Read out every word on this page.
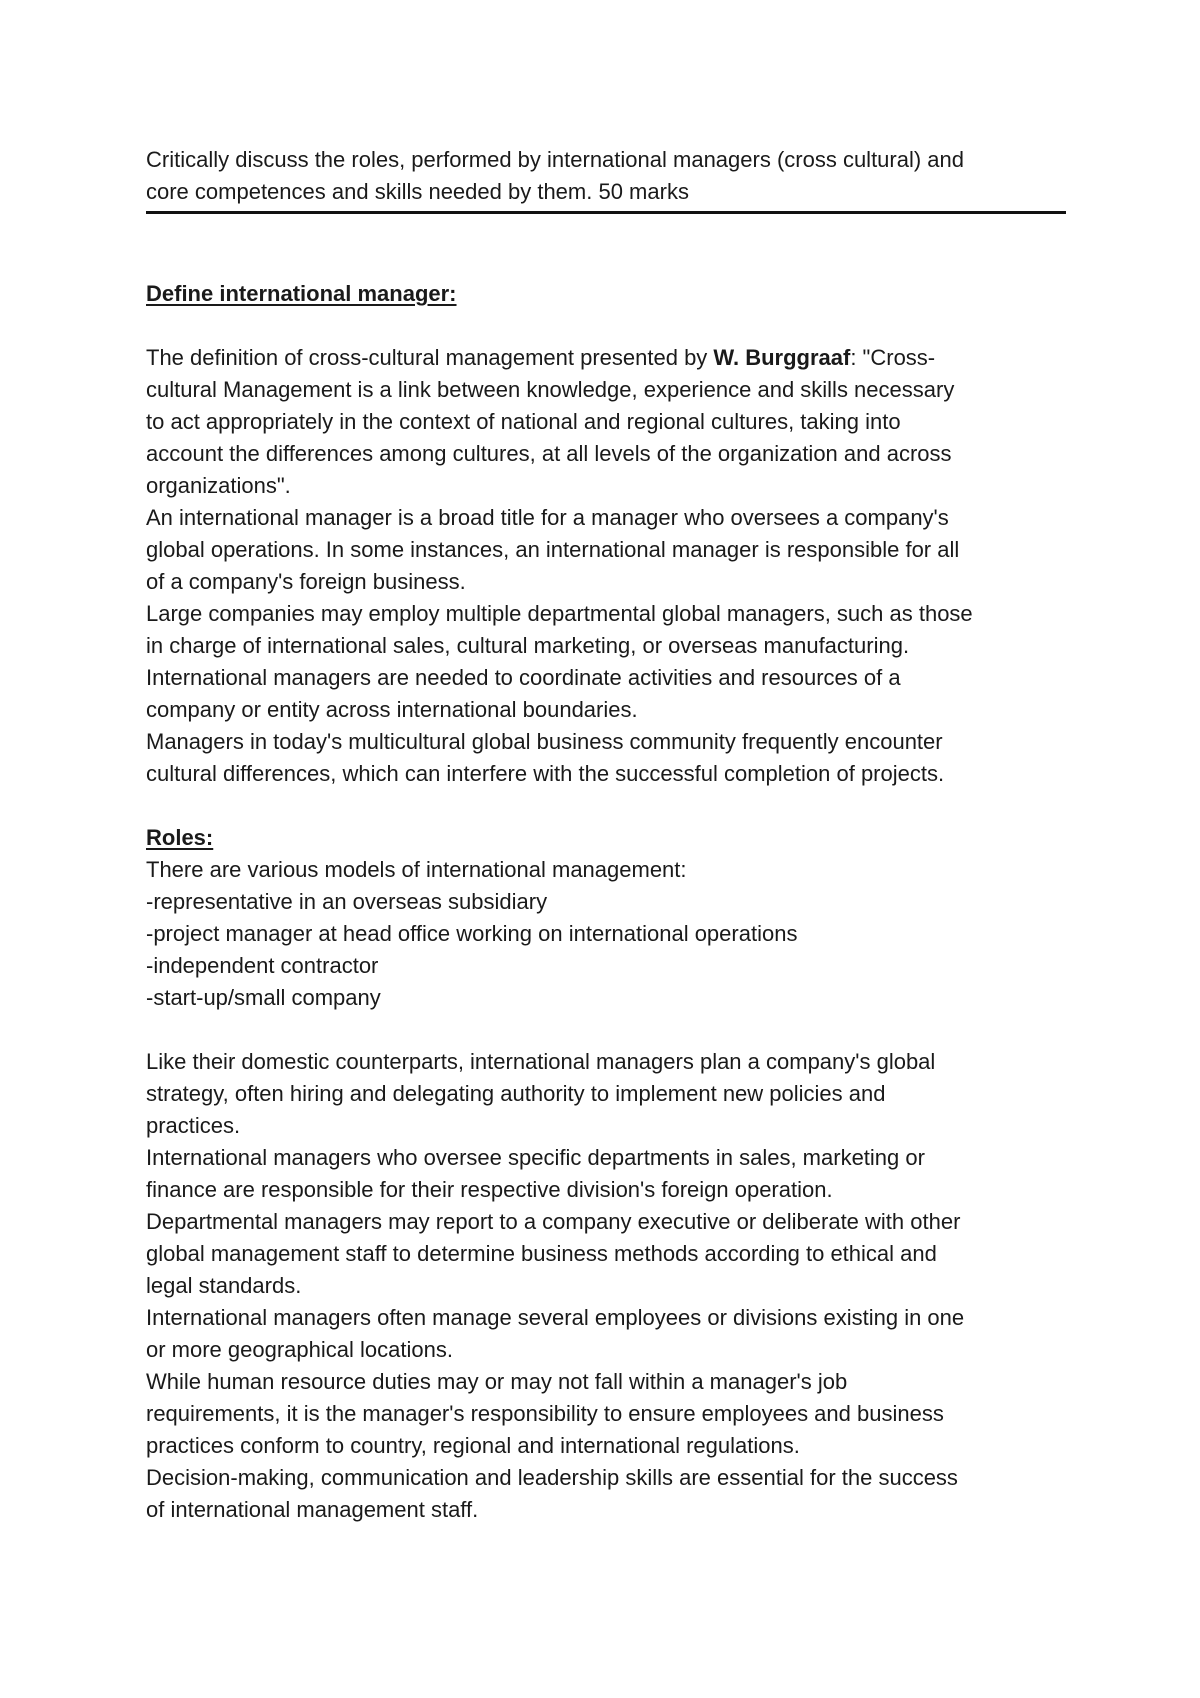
Critically discuss the roles, performed by international managers (cross cultural) and
core competences and skills needed by them. 50 marks
Define international manager:
The definition of cross-cultural management presented by W. Burggraaf: "Cross-
cultural Management is a link between knowledge, experience and skills necessary
to act appropriately in the context of national and regional cultures, taking into
account the differences among cultures, at all levels of the organization and across
organizations".
An international manager is a broad title for a manager who oversees a company's
global operations. In some instances, an international manager is responsible for all
of a company's foreign business.
Large companies may employ multiple departmental global managers, such as those
in charge of international sales, cultural marketing, or overseas manufacturing.
International managers are needed to coordinate activities and resources of a
company or entity across international boundaries.
Managers in today's multicultural global business community frequently encounter
cultural differences, which can interfere with the successful completion of projects.
Roles:
There are various models of international management:
-representative in an overseas subsidiary
-project manager at head office working on international operations
-independent contractor
-start-up/small company
Like their domestic counterparts, international managers plan a company's global
strategy, often hiring and delegating authority to implement new policies and
practices.
International managers who oversee specific departments in sales, marketing or
finance are responsible for their respective division's foreign operation.
Departmental managers may report to a company executive or deliberate with other
global management staff to determine business methods according to ethical and
legal standards.
International managers often manage several employees or divisions existing in one
or more geographical locations.
While human resource duties may or may not fall within a manager's job
requirements, it is the manager's responsibility to ensure employees and business
practices conform to country, regional and international regulations.
Decision-making, communication and leadership skills are essential for the success
of international management staff.
